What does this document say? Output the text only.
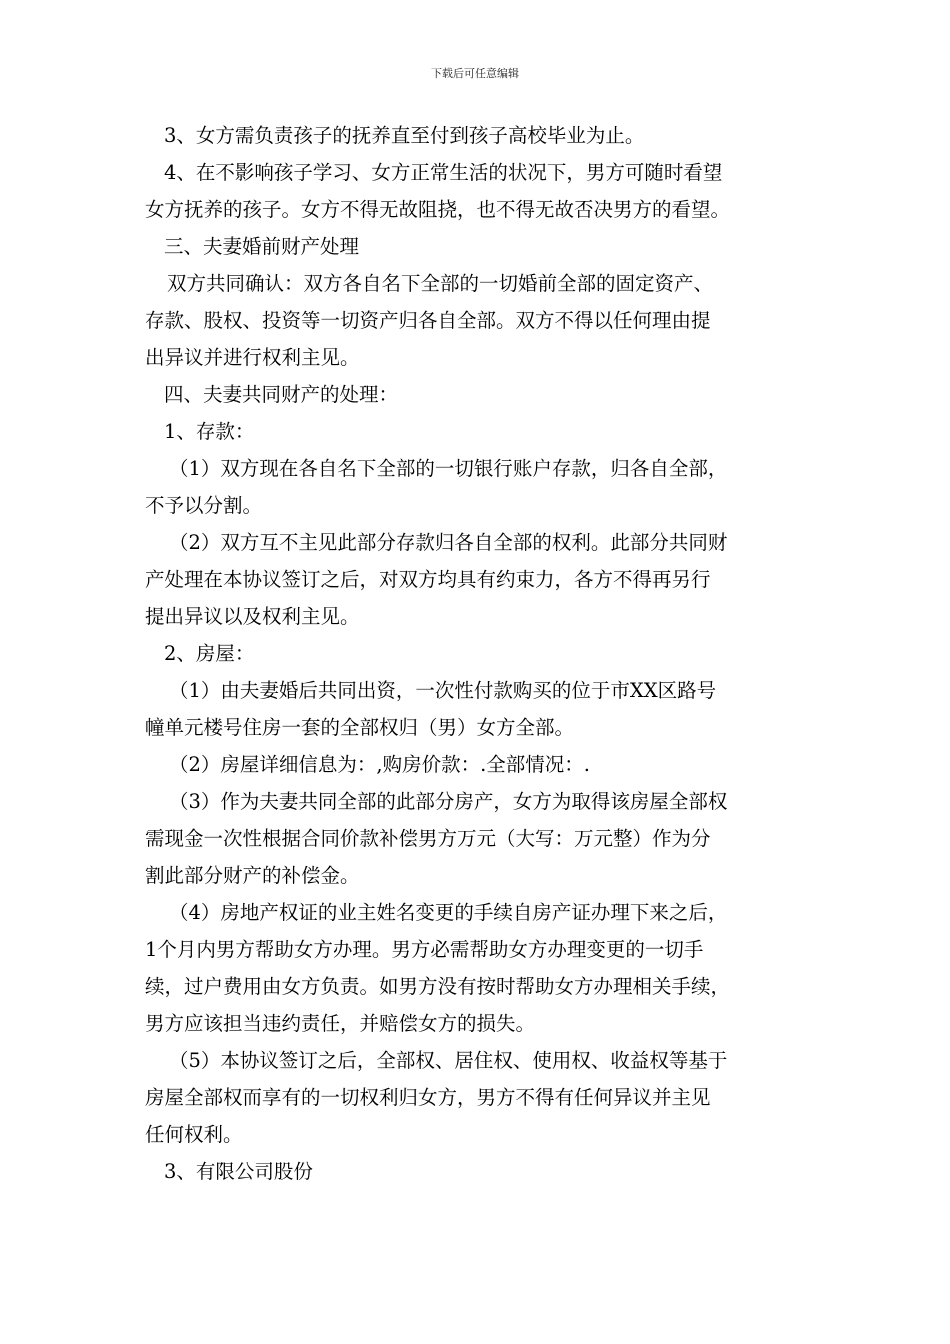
下载后可任意编辑
3、女方需负责孩子的抚养直至付到孩子高校毕业为止。
4、在不影响孩子学习、女方正常生活的状况下，男方可随时看望
女方抚养的孩子。女方不得无故阻挠，也不得无故否决男方的看望。
三、夫妻婚前财产处理
双方共同确认：双方各自名下全部的一切婚前全部的固定资产、
存款、股权、投资等一切资产归各自全部。双方不得以任何理由提
出异议并进行权利主见。
四、夫妻共同财产的处理：
1、存款：
（1）双方现在各自名下全部的一切银行账户存款，归各自全部，
不予以分割。
（2）双方互不主见此部分存款归各自全部的权利。此部分共同财
产处理在本协议签订之后，对双方均具有约束力，各方不得再另行
提出异议以及权利主见。
2、房屋：
（1）由夫妻婚后共同出资，一次性付款购买的位于市XX区路号
幢单元楼号住房一套的全部权归（男）女方全部。
（2）房屋详细信息为：,购房价款：.全部情况：.
（3）作为夫妻共同全部的此部分房产，女方为取得该房屋全部权
需现金一次性根据合同价款补偿男方万元（大写：万元整）作为分
割此部分财产的补偿金。
（4）房地产权证的业主姓名变更的手续自房产证办理下来之后，
1个月内男方帮助女方办理。男方必需帮助女方办理变更的一切手
续，过户费用由女方负责。如男方没有按时帮助女方办理相关手续，
男方应该担当违约责任，并赔偿女方的损失。
（5）本协议签订之后，全部权、居住权、使用权、收益权等基于
房屋全部权而享有的一切权利归女方，男方不得有任何异议并主见
任何权利。
3、有限公司股份
